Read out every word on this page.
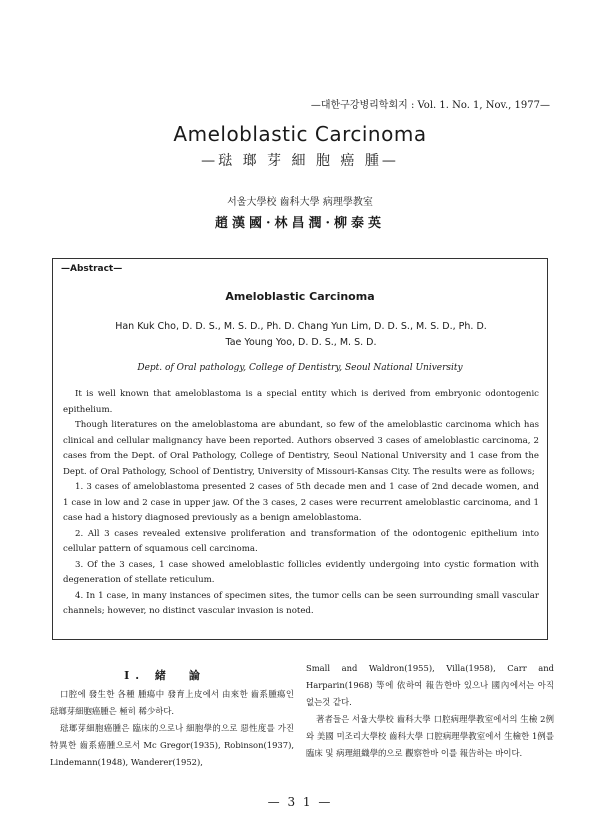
—대한구강병리학회지 : Vol. 1. No. 1, Nov., 1977—
Ameloblastic Carcinoma
—琺 瑯 芽 細 胞 癌 腫—
서울大學校 齒科大學 病理學教室
趙漢國·林昌潤·柳泰英
—Abstract—
Ameloblastic Carcinoma
Han Kuk Cho, D. D. S., M. S. D., Ph. D. Chang Yun Lim, D. D. S., M. S. D., Ph. D.
Tae Young Yoo, D. D. S., M. S. D.
Dept. of Oral pathology, College of Dentistry, Seoul National University

It is well known that ameloblastoma is a special entity which is derived from embryonic odontogenic epithelium.

Though literatures on the ameloblastoma are abundant, so few of the ameloblastic carcinoma which has clinical and cellular malignancy have been reported. Authors observed 3 cases of ameloblastic carcinoma, 2 cases from the Dept. of Oral Pathology, College of Dentistry, Seoul National University and 1 case from the Dept. of Oral Pathology, School of Dentistry, University of Missouri-Kansas City. The results were as follows;

1. 3 cases of ameloblastoma presented 2 cases of 5th decade men and 1 case of 2nd decade women, and 1 case in low and 2 case in upper jaw. Of the 3 cases, 2 cases were recurrent ameloblastic carcinoma, and 1 case had a history diagnosed previously as a benign ameloblastoma.

2. All 3 cases revealed extensive proliferation and transformation of the odontogenic epithelium into cellular pattern of squamous cell carcinoma.

3. Of the 3 cases, 1 case showed ameloblastic follicles evidently undergoing into cystic formation with degeneration of stellate reticulum.

4. In 1 case, in many instances of specimen sites, the tumor cells can be seen surrounding small vascular channels; however, no distinct vascular invasion is noted.

I. 緒　論

口腔에 發生한 各種 腫瘍中 發育上皮에서 由來한 齒系腫瘍인 琺瑯芽細胞癌腫은 極히 稀少하다.

琺瑯芽細胞癌腫은 臨床的으로나 細胞學的으로 惡性度를 가진 特異한 齒系癌腫으로서 Mc Gregor(1935), Robinson(1937), Lindemann(1948), Wanderer(1952),

Small and Waldron(1955), Villa(1958), Carr and Harparin(1968) 等에 依하여 報告한바 있으나 國內에서는 아직 없는것 같다.

著者들은 서울大學校 齒科大學 口腔病理學教室에서의 生檢 2例와 美國 미조리大學校 齒科大學 口腔病理學教室에서 生檢한 1例를 臨床 및 病理組織學的으로 觀察한바 이를 報告하는 바이다.

— 3 1 —
